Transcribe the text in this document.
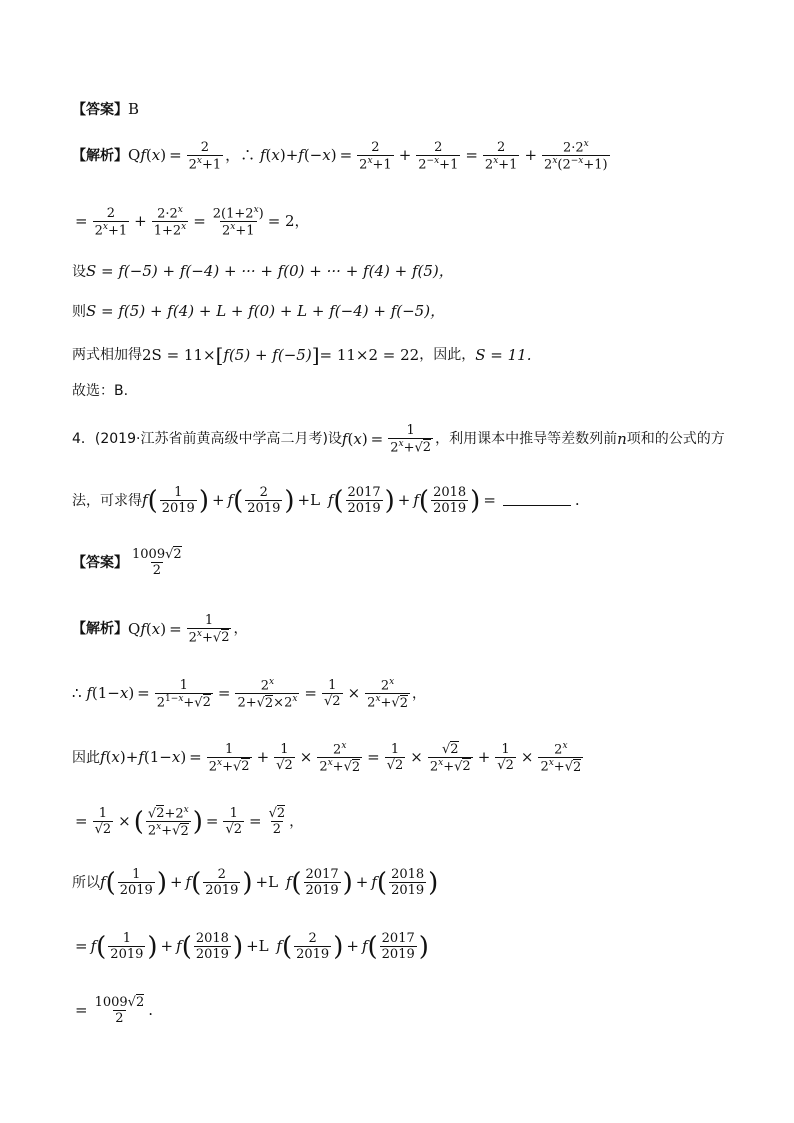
【答案】 B
【解析】 Q f ( x ) = $\frac{2}{2^x+1}$ ，∴ f ( x )+ f (− x ) = $\frac{2}{2^x+1} + \frac{2}{2^{-x}+1} = \frac{2}{2^x+1} + \frac{2\cdot 2^x}{2^x(2^{-x}+1)}$
= $\frac{2}{2^x+1} + \frac{2\cdot 2^x}{1+2^x} = \frac{2(1+2^x)}{2^x+1} = 2$ ，
设 S = f(−5) + f(−4) + ··· + f(0) + ··· + f(4) + f(5)，
则 S = f(5) + f(4) + L + f(0) + L + f(−4) + f(−5)，
两式相加得 2S = 11× [ f(5) + f(−5) ] = 11×2 = 22 ，因此， S = 11.
故选：B.
4．(2019·江苏省前黄高级中学高二月考)设 f ( x ) = $\frac{1}{2^x+√2}$ ，利用课本中推导等差数列前 n 项和的公式的方
法，可求得 f ( $\frac{1}{2019}$ ) + f ( $\frac{2}{2019}$ ) +L f ( $\frac{2017}{2019}$ ) + f ( $\frac{2018}{2019}$ ) =	.
【答案】 $\frac{1009√2}{2}$
【解析】 Q f ( x ) = $\frac{1}{2^x+√2}$ ，
∴ f (1− x ) = $\frac{1}{2^{1-x}+√2} = \frac{2^x}{2+√2\times 2^x} = \frac{1}{√2} \times \frac{2^x}{2^x+√2}$ ，
因此 f ( x )+ f (1− x ) = $\frac{1}{2^x+√2} + \frac{1}{√2} \times \frac{2^x}{2^x+√2} = \frac{1}{√2} \times \frac{√2}{2^x+√2} + \frac{1}{√2} \times \frac{2^x}{2^x+√2}$
= $\frac{1}{√2}$ × ( $\frac{√2+2^x}{2^x+√2}$ ) = $\frac{1}{√2} = \frac{√2}{2}$ ，
所以 f ( $\frac{1}{2019}$ ) + f ( $\frac{2}{2019}$ ) +L f ( $\frac{2017}{2019}$ ) + f ( $\frac{2018}{2019}$ )
= f ( $\frac{1}{2019}$ ) + f ( $\frac{2018}{2019}$ ) +L f ( $\frac{2}{2019}$ ) + f ( $\frac{2017}{2019}$ )
= $\frac{1009√2}{2}$ .
